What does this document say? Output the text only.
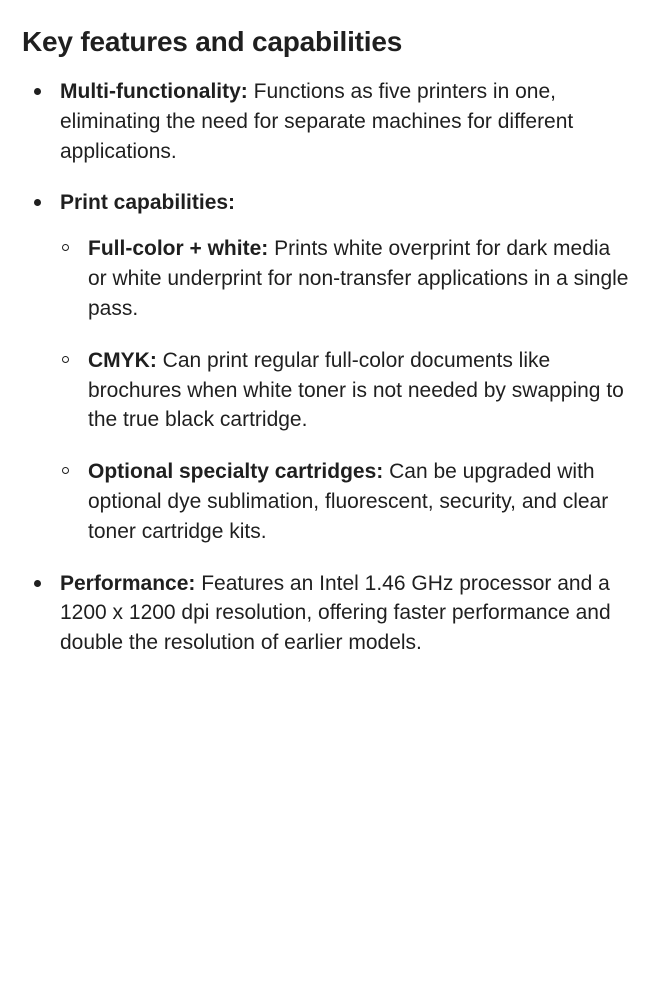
Key features and capabilities
Multi-functionality: Functions as five printers in one, eliminating the need for separate machines for different applications.
Print capabilities:
Full-color + white: Prints white overprint for dark media or white underprint for non-transfer applications in a single pass.
CMYK: Can print regular full-color documents like brochures when white toner is not needed by swapping to the true black cartridge.
Optional specialty cartridges: Can be upgraded with optional dye sublimation, fluorescent, security, and clear toner cartridge kits.
Performance: Features an Intel 1.46 GHz processor and a 1200 x 1200 dpi resolution, offering faster performance and double the resolution of earlier models.
